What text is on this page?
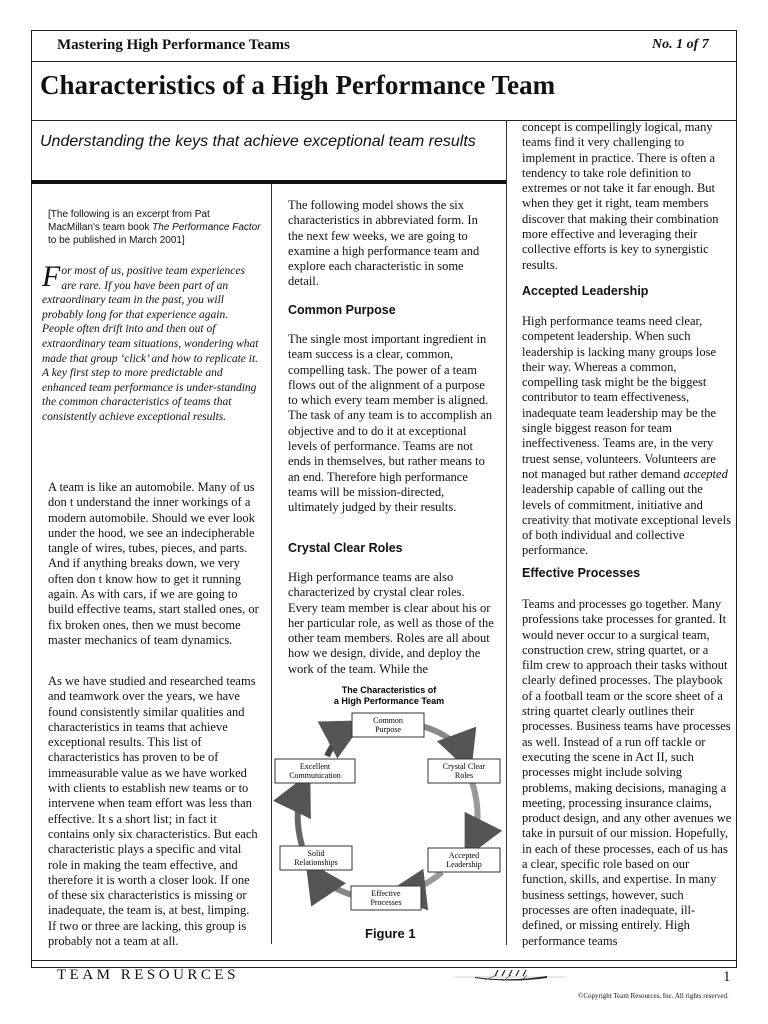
Mastering High Performance Teams	No. 1 of 7
Characteristics of a High Performance Team
Understanding the keys that achieve exceptional team results
[The following is an excerpt from Pat MacMillan's team book The Performance Factor to be published in March 2001]
For most of us, positive team experiences are rare. If you have been part of an extraordinary team in the past, you will probably long for that experience again. People often drift into and then out of extraordinary team situations, wondering what made that group ‘click’ and how to replicate it. A key first step to more predictable and enhanced team performance is under-standing the common characteristics of teams that consistently achieve exceptional results.
A team is like an automobile. Many of us don t understand the inner workings of a modern automobile. Should we ever look under the hood, we see an indecipherable tangle of wires, tubes, pieces, and parts. And if anything breaks down, we very often don t know how to get it running again. As with cars, if we are going to build effective teams, start stalled ones, or fix broken ones, then we must become master mechanics of team dynamics.
As we have studied and researched teams and teamwork over the years, we have found consistently similar qualities and characteristics in teams that achieve exceptional results. This list of characteristics has proven to be of immeasurable value as we have worked with clients to establish new teams or to intervene when team effort was less than effective. It s a short list; in fact it contains only six characteristics. But each characteristic plays a specific and vital role in making the team effective, and therefore it is worth a closer look. If one of these six characteristics is missing or inadequate, the team is, at best, limping. If two or three are lacking, this group is probably not a team at all.
The following model shows the six characteristics in abbreviated form. In the next few weeks, we are going to examine a high performance team and explore each characteristic in some detail.
Common Purpose
The single most important ingredient in team success is a clear, common, compelling task. The power of a team flows out of the alignment of a purpose to which every team member is aligned. The task of any team is to accomplish an objective and to do it at exceptional levels of performance. Teams are not ends in themselves, but rather means to an end. Therefore high performance teams will be mission-directed, ultimately judged by their results.
Crystal Clear Roles
High performance teams are also characterized by crystal clear roles. Every team member is clear about his or her particular role, as well as those of the other team members. Roles are all about how we design, divide, and deploy the work of the team. While the
The Characteristics of
a High Performance Team
Common
Purpose
Crystal Clear
Roles
Accepted
Leadership
Effective
Processes
Solid
Relationships
Excellent
Communication
Figure 1
concept is compellingly logical, many teams find it very challenging to implement in practice. There is often a tendency to take role definition to extremes or not take it far enough. But when they get it right, team members discover that making their combination more effective and leveraging their collective efforts is key to synergistic results.
Accepted Leadership
High performance teams need clear, competent leadership. When such leadership is lacking many groups lose their way. Whereas a common, compelling task might be the biggest contributor to team effectiveness, inadequate team leadership may be the single biggest reason for team ineffectiveness. Teams are, in the very truest sense, volunteers. Volunteers are not managed but rather demand accepted leadership capable of calling out the levels of commitment, initiative and creativity that motivate exceptional levels of both individual and collective performance.
Effective Processes
Teams and processes go together. Many professions take processes for granted. It would never occur to a surgical team, construction crew, string quartet, or a film crew to approach their tasks without clearly defined processes. The playbook of a football team or the score sheet of a string quartet clearly outlines their processes. Business teams have processes as well. Instead of a run off tackle or executing the scene in Act II, such processes might include solving problems, making decisions, managing a meeting, processing insurance claims, product design, and any other avenues we take in pursuit of our mission. Hopefully, in each of these processes, each of us has a clear, specific role based on our function, skills, and expertise. In many business settings, however, such processes are often inadequate, ill-defined, or missing entirely. High performance teams
TEAM RESOURCES	1
©Copyright Team Resources, Inc. All rights reserved.
